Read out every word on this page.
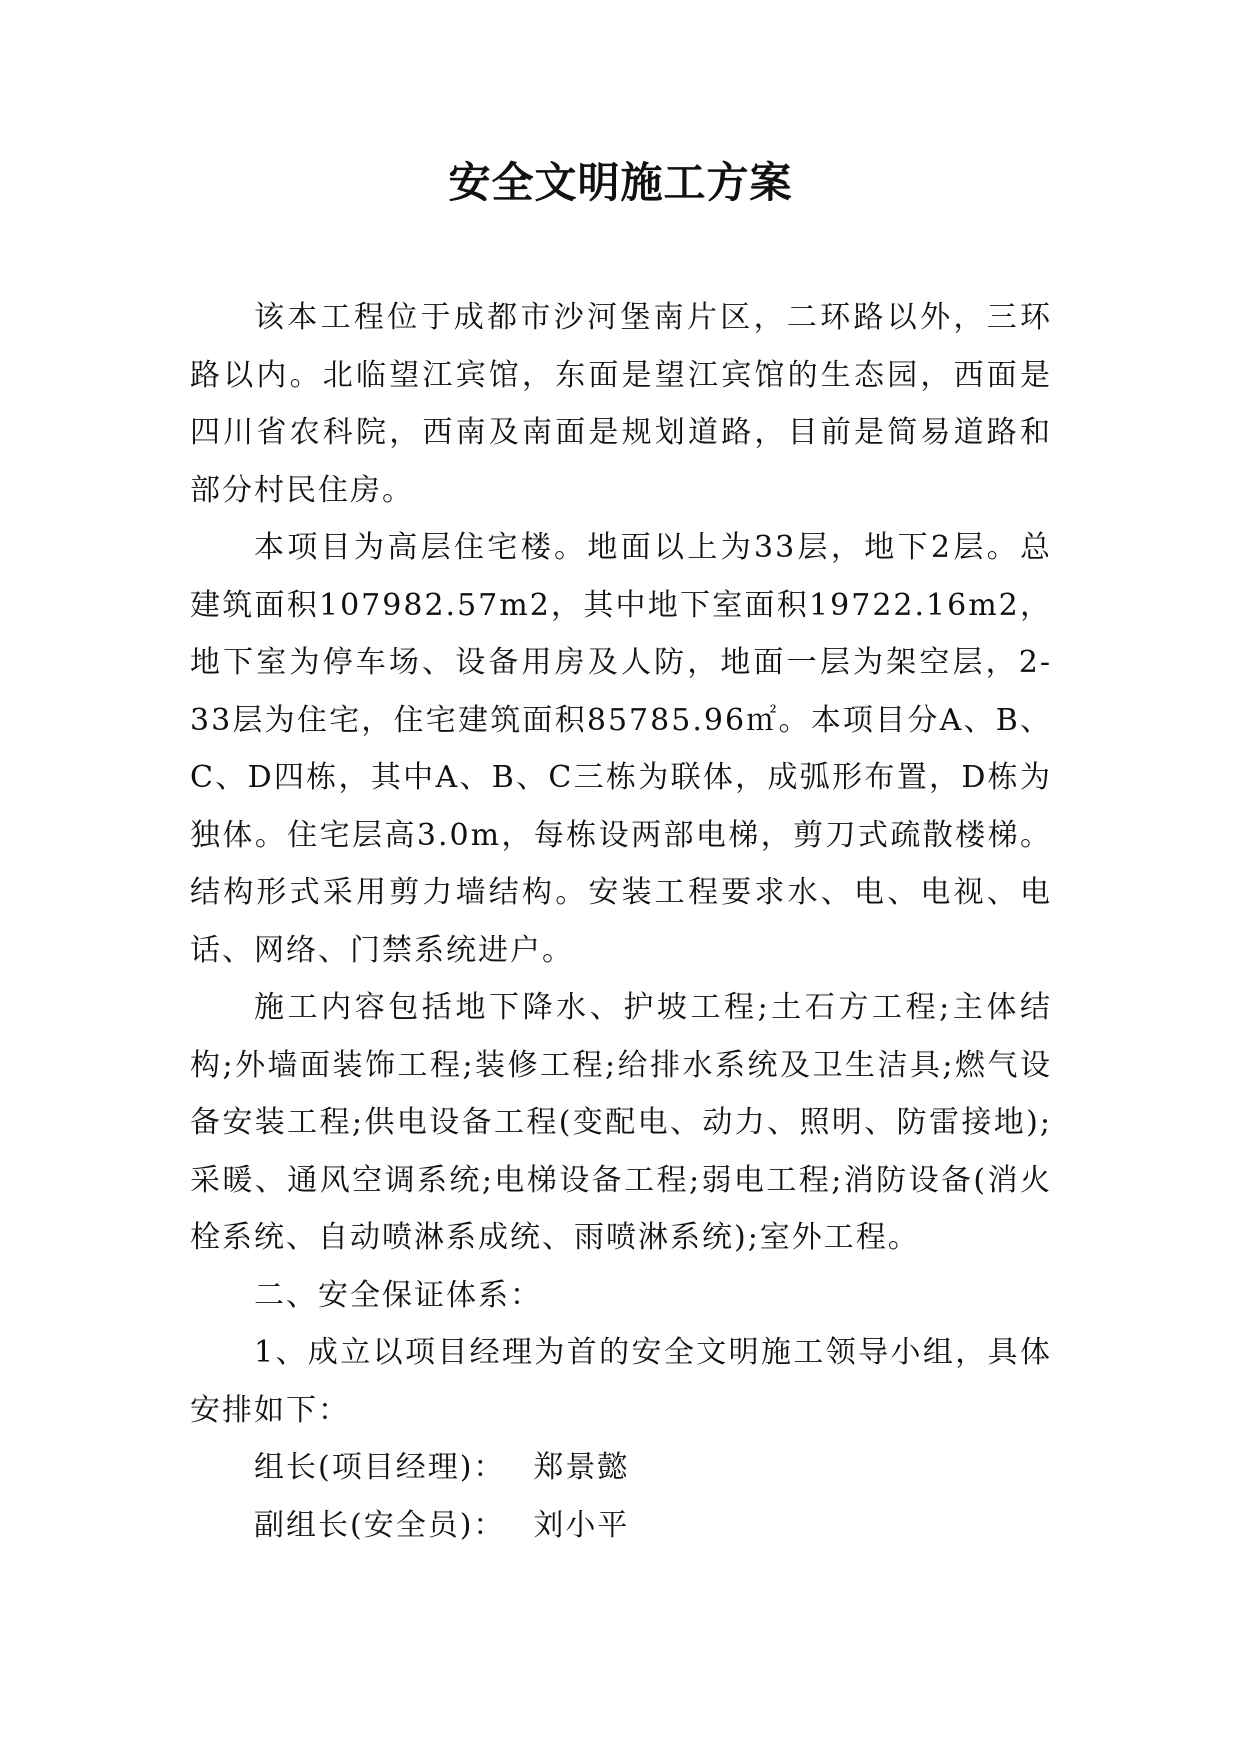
安全文明施工方案

该本工程位于成都市沙河堡南片区，二环路以外，三环路以内。北临望江宾馆，东面是望江宾馆的生态园，西面是四川省农科院，西南及南面是规划道路，目前是简易道路和部分村民住房。

本项目为高层住宅楼。地面以上为33层，地下2层。总建筑面积107982.57m2，其中地下室面积19722.16m2，地下室为停车场、设备用房及人防，地面一层为架空层，2-33层为住宅，住宅建筑面积85785.96㎡。本项目分A、B、C、D四栋，其中A、B、C三栋为联体，成弧形布置，D栋为独体。住宅层高3.0m，每栋设两部电梯，剪刀式疏散楼梯。结构形式采用剪力墙结构。安装工程要求水、电、电视、电话、网络、门禁系统进户。

施工内容包括地下降水、护坡工程;土石方工程;主体结构;外墙面装饰工程;装修工程;给排水系统及卫生洁具;燃气设备安装工程;供电设备工程(变配电、动力、照明、防雷接地);采暖、通风空调系统;电梯设备工程;弱电工程;消防设备(消火栓系统、自动喷淋系成统、雨喷淋系统);室外工程。

二、安全保证体系：

1、成立以项目经理为首的安全文明施工领导小组，具体安排如下：

组长(项目经理)： 郑景懿
副组长(安全员)： 刘小平
